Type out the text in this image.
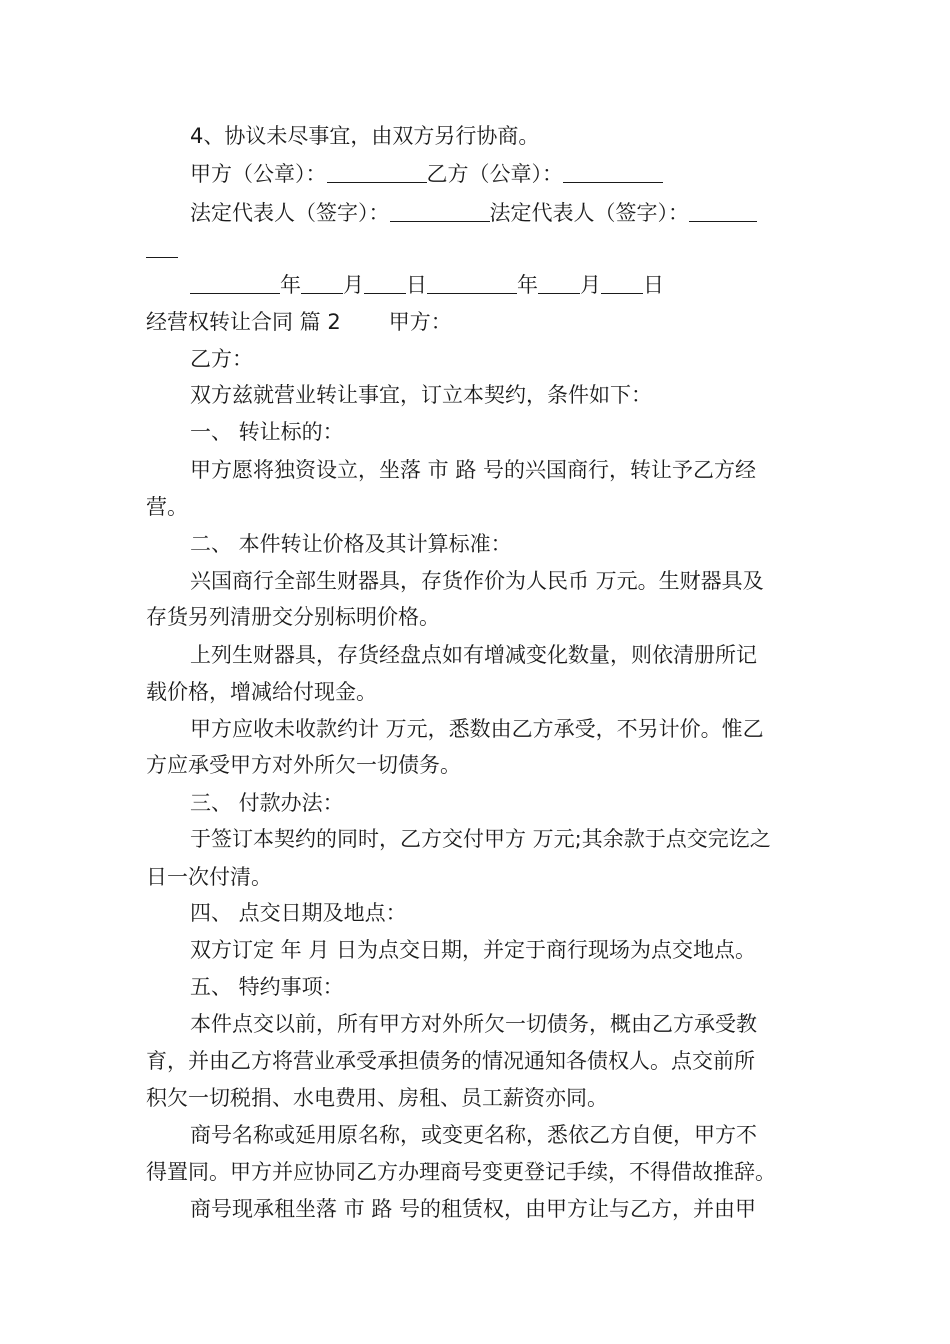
4、协议未尽事宜，由双方另行协商。
甲方（公章）：	乙方（公章）：
法定代表人（签字）：	法定代表人（签字）：
年 月 日	年 月 日
经营权转让合同 篇 2 甲方：
乙方：
双方兹就营业转让事宜，订立本契约，条件如下：
一、 转让标的：
甲方愿将独资设立，坐落 市 路 号的兴国商行，转让予乙方经
营。
二、 本件转让价格及其计算标准：
兴国商行全部生财器具，存货作价为人民币 万元。生财器具及
存货另列清册交分别标明价格。
上列生财器具，存货经盘点如有增减变化数量，则依清册所记
载价格，增减给付现金。
甲方应收未收款约计 万元，悉数由乙方承受，不另计价。惟乙
方应承受甲方对外所欠一切债务。
三、 付款办法：
于签订本契约的同时，乙方交付甲方 万元;其余款于点交完讫之
日一次付清。
四、 点交日期及地点：
双方订定 年 月 日为点交日期，并定于商行现场为点交地点。
五、 特约事项：
本件点交以前，所有甲方对外所欠一切债务，概由乙方承受教
育，并由乙方将营业承受承担债务的情况通知各债权人。点交前所
积欠一切税捐、水电费用、房租、员工薪资亦同。
商号名称或延用原名称，或变更名称，悉依乙方自便，甲方不
得置同。甲方并应协同乙方办理商号变更登记手续，不得借故推辞。
商号现承租坐落 市 路 号的租赁权，由甲方让与乙方，并由甲
